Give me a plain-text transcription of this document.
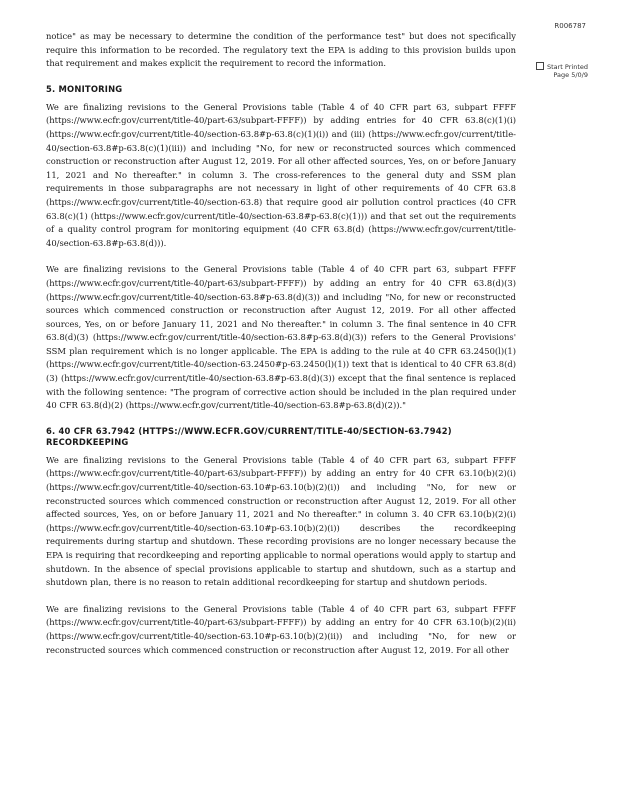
R006787
Start Printed
Page 5/0/9

notice" as may be necessary to determine the condition of the performance test" but does not specifically require this information to be recorded. The regulatory text the EPA is adding to this provision builds upon that requirement and makes explicit the requirement to record the information.

5. MONITORING

We are finalizing revisions to the General Provisions table (Table 4 of 40 CFR part 63, subpart FFFF (https://www.ecfr.gov/current/title-40/part-63/subpart-FFFF)) by adding entries for 40 CFR 63.8(c)(1)(i) (https://www.ecfr.gov/current/title-40/section-63.8#p-63.8(c)(1)(i)) and (iii) (https://www.ecfr.gov/current/title-40/section-63.8#p-63.8(c)(1)(iii)) and including "No, for new or reconstructed sources which commenced construction or reconstruction after August 12, 2019. For all other affected sources, Yes, on or before January 11, 2021 and No thereafter." in column 3. The cross-references to the general duty and SSM plan requirements in those subparagraphs are not necessary in light of other requirements of 40 CFR 63.8 (https://www.ecfr.gov/current/title-40/section-63.8) that require good air pollution control practices (40 CFR 63.8(c)(1) (https://www.ecfr.gov/current/title-40/section-63.8#p-63.8(c)(1))) and that set out the requirements of a quality control program for monitoring equipment (40 CFR 63.8(d) (https://www.ecfr.gov/current/title-40/section-63.8#p-63.8(d))).

We are finalizing revisions to the General Provisions table (Table 4 of 40 CFR part 63, subpart FFFF (https://www.ecfr.gov/current/title-40/part-63/subpart-FFFF)) by adding an entry for 40 CFR 63.8(d)(3) (https://www.ecfr.gov/current/title-40/section-63.8#p-63.8(d)(3)) and including "No, for new or reconstructed sources which commenced construction or reconstruction after August 12, 2019. For all other affected sources, Yes, on or before January 11, 2021 and No thereafter." in column 3. The final sentence in 40 CFR 63.8(d)(3) (https://www.ecfr.gov/current/title-40/section-63.8#p-63.8(d)(3)) refers to the General Provisions' SSM plan requirement which is no longer applicable. The EPA is adding to the rule at 40 CFR 63.2450(l)(1) (https://www.ecfr.gov/current/title-40/section-63.2450#p-63.2450(l)(1)) text that is identical to 40 CFR 63.8(d)(3) (https://www.ecfr.gov/current/title-40/section-63.8#p-63.8(d)(3)) except that the final sentence is replaced with the following sentence: "The program of corrective action should be included in the plan required under 40 CFR 63.8(d)(2) (https://www.ecfr.gov/current/title-40/section-63.8#p-63.8(d)(2))."

6. 40 CFR 63.7942 (HTTPS://WWW.ECFR.GOV/CURRENT/TITLE-40/SECTION-63.7942)
RECORDKEEPING

We are finalizing revisions to the General Provisions table (Table 4 of 40 CFR part 63, subpart FFFF (https://www.ecfr.gov/current/title-40/part-63/subpart-FFFF)) by adding an entry for 40 CFR 63.10(b)(2)(i) (https://www.ecfr.gov/current/title-40/section-63.10#p-63.10(b)(2)(i)) and including "No, for new or reconstructed sources which commenced construction or reconstruction after August 12, 2019. For all other affected sources, Yes, on or before January 11, 2021 and No thereafter." in column 3. 40 CFR 63.10(b)(2)(i) (https://www.ecfr.gov/current/title-40/section-63.10#p-63.10(b)(2)(i)) describes the recordkeeping requirements during startup and shutdown. These recording provisions are no longer necessary because the EPA is requiring that recordkeeping and reporting applicable to normal operations would apply to startup and shutdown. In the absence of special provisions applicable to startup and shutdown, such as a startup and shutdown plan, there is no reason to retain additional recordkeeping for startup and shutdown periods.

We are finalizing revisions to the General Provisions table (Table 4 of 40 CFR part 63, subpart FFFF (https://www.ecfr.gov/current/title-40/part-63/subpart-FFFF)) by adding an entry for 40 CFR 63.10(b)(2)(ii) (https://www.ecfr.gov/current/title-40/section-63.10#p-63.10(b)(2)(ii)) and including "No, for new or reconstructed sources which commenced construction or reconstruction after August 12, 2019. For all other
